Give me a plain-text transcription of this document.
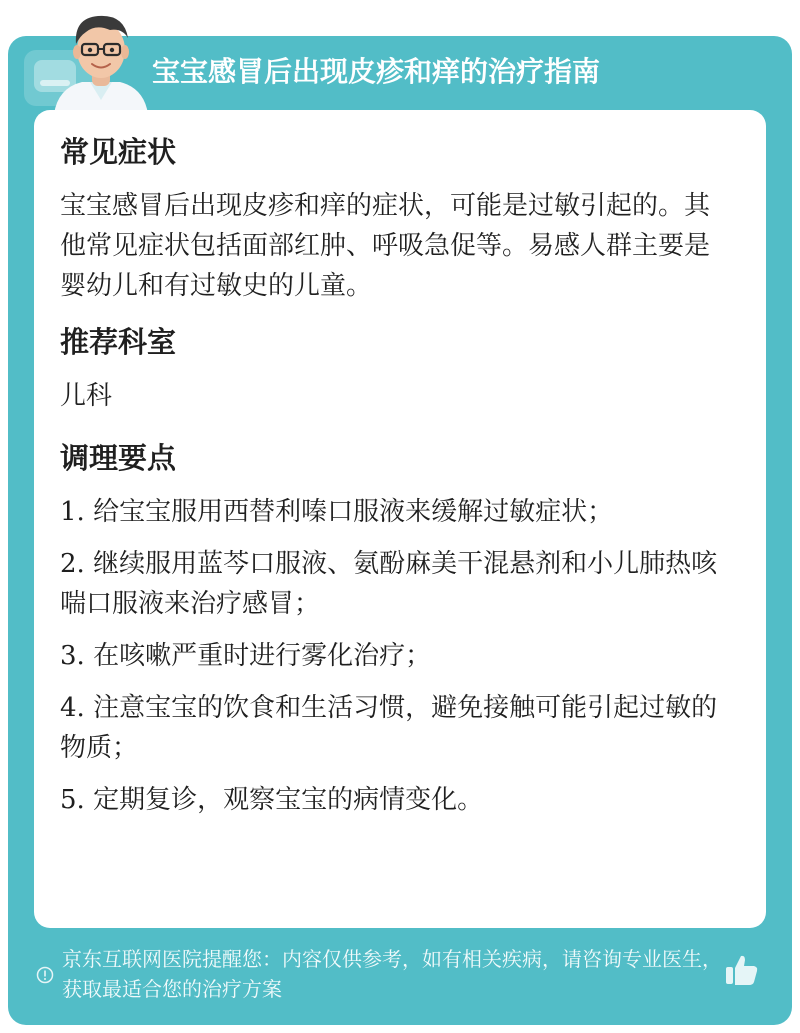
宝宝感冒后出现皮疹和痒的治疗指南
常见症状
宝宝感冒后出现皮疹和痒的症状，可能是过敏引起的。其他常见症状包括面部红肿、呼吸急促等。易感人群主要是婴幼儿和有过敏史的儿童。
推荐科室
儿科
调理要点
1. 给宝宝服用西替利嗪口服液来缓解过敏症状；
2. 继续服用蓝芩口服液、氨酚麻美干混悬剂和小儿肺热咳喘口服液来治疗感冒；
3. 在咳嗽严重时进行雾化治疗；
4. 注意宝宝的饮食和生活习惯，避免接触可能引起过敏的物质；
5. 定期复诊，观察宝宝的病情变化。
京东互联网医院提醒您：内容仅供参考，如有相关疾病，请咨询专业医生，获取最适合您的治疗方案
